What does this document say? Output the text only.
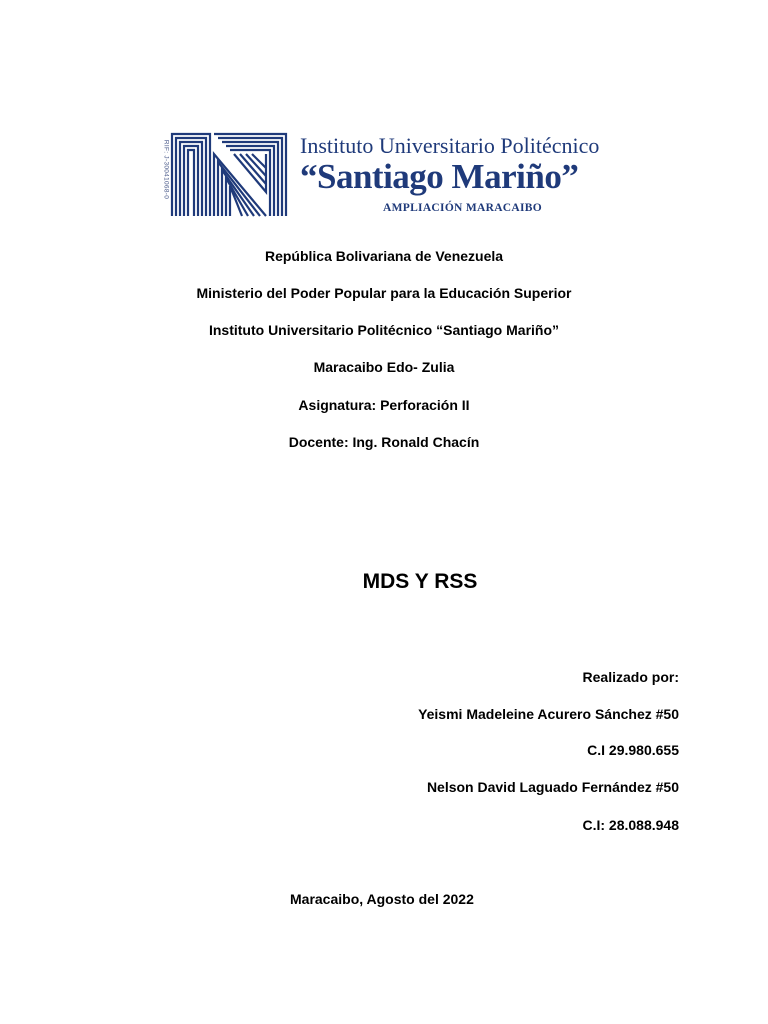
RIF: J-30041068-0	Instituto Universitario Politécnico
“Santiago Mariño”
AMPLIACIÓN MARACAIBO
República Bolivariana de Venezuela
Ministerio del Poder Popular para la Educación Superior
Instituto Universitario Politécnico “Santiago Mariño”
Maracaibo Edo- Zulia
Asignatura: Perforación II
Docente: Ing. Ronald Chacín
MDS Y RSS
Realizado por:
Yeismi Madeleine Acurero Sánchez #50
C.I 29.980.655
Nelson David Laguado Fernández #50
C.I: 28.088.948
Maracaibo, Agosto del 2022
